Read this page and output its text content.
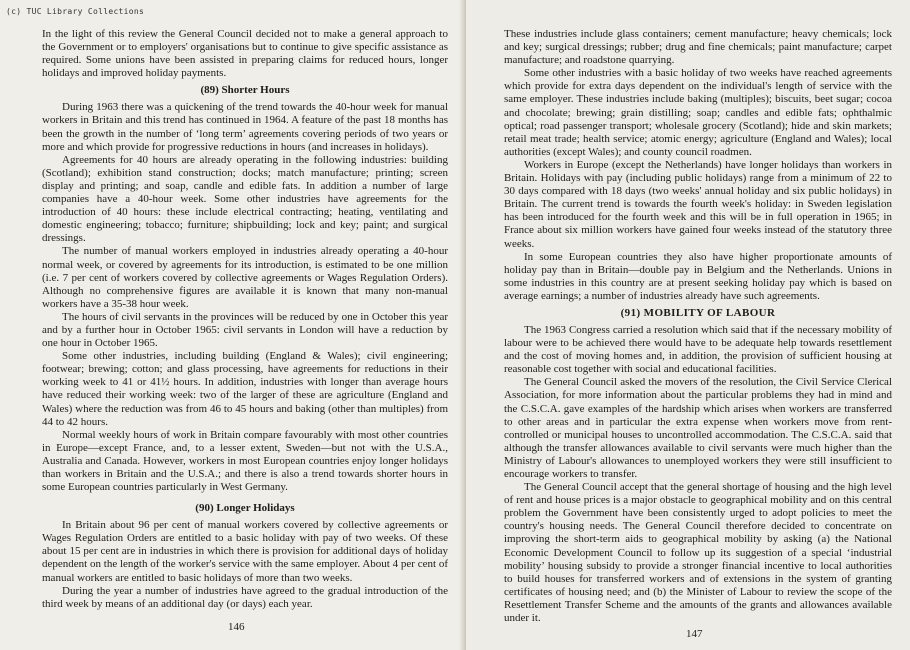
In the light of this review the General Council decided not to make a general approach to the Government or to employers' organisations but to continue to give specific assistance as required. Some unions have been assisted in preparing claims for reduced hours, longer holidays and improved holiday payments.

(89) Shorter Hours

During 1963 there was a quickening of the trend towards the 40-hour week for manual workers in Britain and this trend has continued in 1964. A feature of the past 18 months has been the growth in the number of ‘long term’ agreements covering periods of two years or more and which provide for progressive reductions in hours (and increases in holidays).

Agreements for 40 hours are already operating in the following industries: building (Scotland); exhibition stand construction; docks; match manufacture; printing; screen display and printing; and soap, candle and edible fats. In addition a number of large companies have a 40-hour week. Some other industries have agreements for the introduction of 40 hours: these include electrical contracting; heating, ventilating and domestic engineering; tobacco; furniture; shipbuilding; lock and key; paint; and surgical dressings.

The number of manual workers employed in industries already operating a 40-hour normal week, or covered by agreements for its introduction, is estimated to be one million (i.e. 7 per cent of workers covered by collective agreements or Wages Regulation Orders). Although no comprehensive figures are available it is known that many non-manual workers have a 35-38 hour week.

The hours of civil servants in the provinces will be reduced by one in October this year and by a further hour in October 1965: civil servants in London will have a reduction by one hour in October 1965.

Some other industries, including building (England & Wales); civil engineering; footwear; brewing; cotton; and glass processing, have agreements for reductions in their working week to 41 or 41½ hours. In addition, industries with longer than average hours have reduced their working week: two of the larger of these are agriculture (England and Wales) where the reduction was from 46 to 45 hours and baking (other than multiples) from 44 to 42 hours.

Normal weekly hours of work in Britain compare favourably with most other countries in Europe—except France, and, to a lesser extent, Sweden—but not with the U.S.A., Australia and Canada. However, workers in most European countries enjoy longer holidays than workers in Britain and the U.S.A.; and there is also a trend towards shorter hours in some European countries particularly in West Germany.

(90) Longer Holidays

In Britain about 96 per cent of manual workers covered by collective agreements or Wages Regulation Orders are entitled to a basic holiday with pay of two weeks. Of these about 15 per cent are in industries in which there is provision for additional days of holiday dependent on the length of the worker's service with the same employer. About 4 per cent of manual workers are entitled to basic holidays of more than two weeks.

During the year a number of industries have agreed to the gradual introduction of the third week by means of an additional day (or days) each year.

146

These industries include glass containers; cement manufacture; heavy chemicals; lock and key; surgical dressings; rubber; drug and fine chemicals; paint manufacture; carpet manufacture; and roadstone quarrying.

Some other industries with a basic holiday of two weeks have reached agreements which provide for extra days dependent on the individual's length of service with the same employer. These industries include baking (multiples); biscuits, beet sugar; cocoa and chocolate; brewing; grain distilling; soap; candles and edible fats; ophthalmic optical; road passenger transport; wholesale grocery (Scotland); hide and skin markets; retail meat trade; health service; atomic energy; agriculture (England and Wales); local authorities (except Wales); and county council roadmen.

Workers in Europe (except the Netherlands) have longer holidays than workers in Britain. Holidays with pay (including public holidays) range from a minimum of 22 to 30 days compared with 18 days (two weeks' annual holiday and six public holidays) in Britain. The current trend is towards the fourth week's holiday: in Sweden legislation has been introduced for the fourth week and this will be in full operation in 1965; in France about six million workers have gained four weeks instead of the statutory three weeks.

In some European countries they also have higher proportionate amounts of holiday pay than in Britain—double pay in Belgium and the Netherlands. Unions in some industries in this country are at present seeking holiday pay which is based on average earnings; a number of industries already have such agreements.

(91) MOBILITY OF LABOUR

The 1963 Congress carried a resolution which said that if the necessary mobility of labour were to be achieved there would have to be adequate help towards resettlement and the cost of moving homes and, in addition, the provision of sufficient housing at reasonable cost together with social and educational facilities.

The General Council asked the movers of the resolution, the Civil Service Clerical Association, for more information about the particular problems they had in mind and the C.S.C.A. gave examples of the hardship which arises when workers are transferred to other areas and in particular the extra expense when workers move from rent-controlled or municipal houses to uncontrolled accommodation. The C.S.C.A. said that although the transfer allowances available to civil servants were much higher than the Ministry of Labour's allowances to unemployed workers they were still insufficient to encourage workers to transfer.

The General Council accept that the general shortage of housing and the high level of rent and house prices is a major obstacle to geographical mobility and on this central problem the Government have been consistently urged to adopt policies to meet the country's housing needs. The General Council therefore decided to concentrate on improving the short-term aids to geographical mobility by asking (a) the National Economic Development Council to follow up its suggestion of a special ‘industrial mobility’ housing subsidy to provide a stronger financial incentive to local authorities to build houses for transferred workers and of extensions in the system of granting certificates of housing need; and (b) the Minister of Labour to review the scope of the Resettlement Transfer Scheme and the amounts of the grants and allowances available under it.

147
(c) TUC Library Collections
